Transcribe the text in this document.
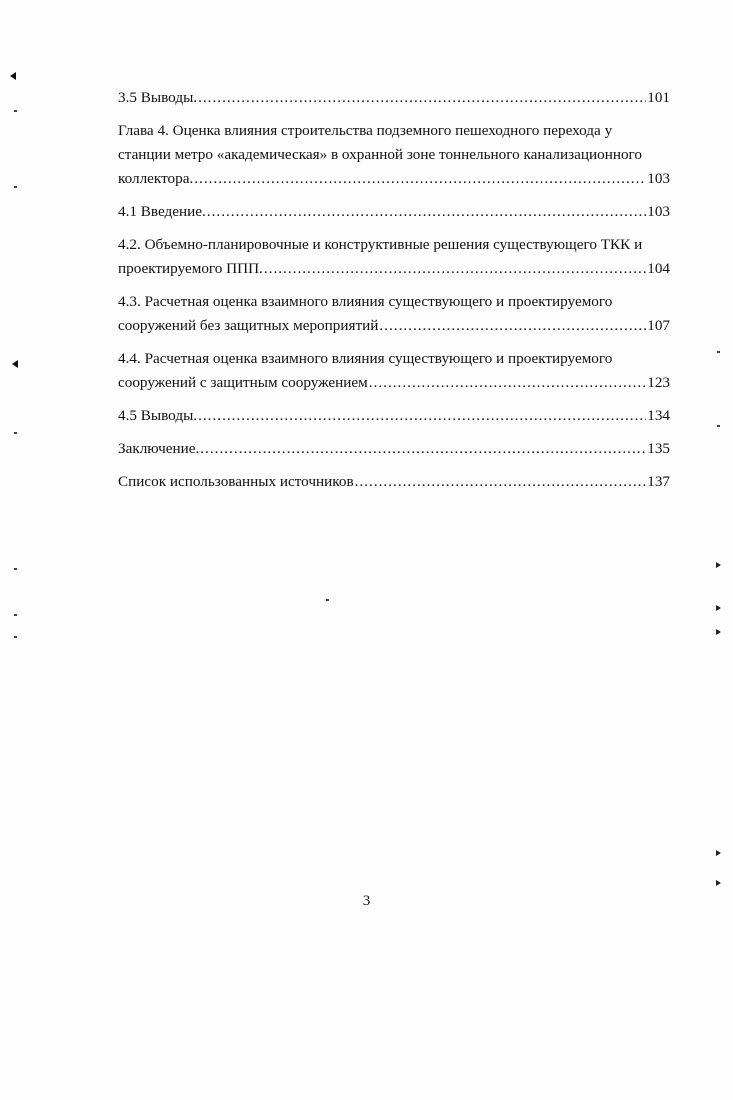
3.5 Выводы. .....	101
Глава 4. Оценка влияния строительства подземного пешеходного перехода у
станции метро «академическая» в охранной зоне тоннельного канализационного
коллектора. .....	103
4.1 Введение. .....	103
4.2. Объемно-планировочные и конструктивные решения существующего ТКК и
проектируемого ППП. .....	104
4.3. Расчетная оценка взаимного влияния существующего и проектируемого
сооружений без защитных мероприятий .....	107
4.4. Расчетная оценка взаимного влияния существующего и проектируемого
сооружений с защитным сооружением .....	123
4.5 Выводы. .....	134
Заключение. .....	135
Список использованных источников .....	137
3
